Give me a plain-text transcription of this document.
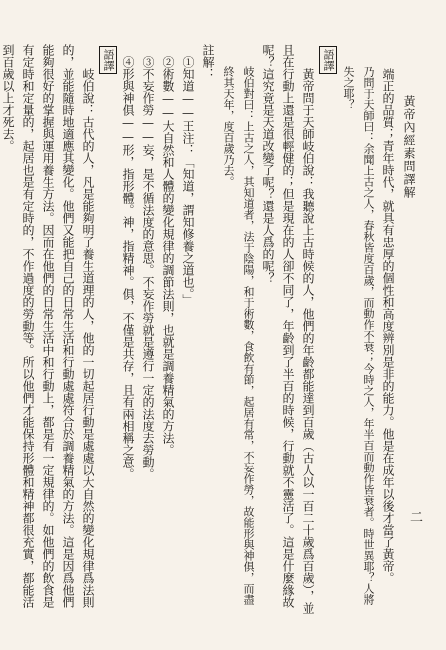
黃帝內經素問譯解
二

端正的品質；青年時代，就具有忠厚的個性和高度辨別是非的能力。他是在成年以後才當了黃帝。

乃問于天師曰：余聞上古之人，春秋皆度百歲，而動作不衰；今時之人，年半百而動作皆衰者。時世異耶？人將失之耶？

語譯

黃帝問于天師岐伯說：我聽說上古時候的人，他們的年齡都能達到百歲（古人以一百二十歲爲百歲），並且在行動上還是很輕健的；但是現在的人卻不同了，年齡到了半百的時候，行動就不靈活了。這是什麼緣故呢？這究竟是天道改變了呢？還是人爲的呢？

岐伯對曰：上古之人，其知道者，法于陰陽，和于術數，食飲有節，起居有常，不妄作勞，故能形與神俱，而盡終其天年，度百歲乃去。

註解：

①知道——王注：「知道，謂知修養之道也。」

②術數——大自然和人體的變化規律的調節法則，也就是調養精氣的方法。

③不妄作勞——妄，是不循法度的意思。不妄作勞就是遵行一定的法度去勞動。

④形與神俱——形，指形體。神，指精神。俱，不僅是共存，且有兩相稱之意。

語譯

岐伯說：古代的人，凡是能夠明了養生道理的人，他的一切起居行動是處處以大自然的變化規律爲法則的，並能隨時地適應其變化。他們又能把自己的日常生活和行動處處符合於調養精氣的方法。這是因爲他們能夠很好的掌握與運用養生方法。因而在他們的日常生活中和行動上，都是有一定規律的。如他們的飲食是有定時和定量的，起居也是有定時的，不作過度的勞動等。所以他們才能保持形體和精神都很充實，都能活到百歲以上才死去。
